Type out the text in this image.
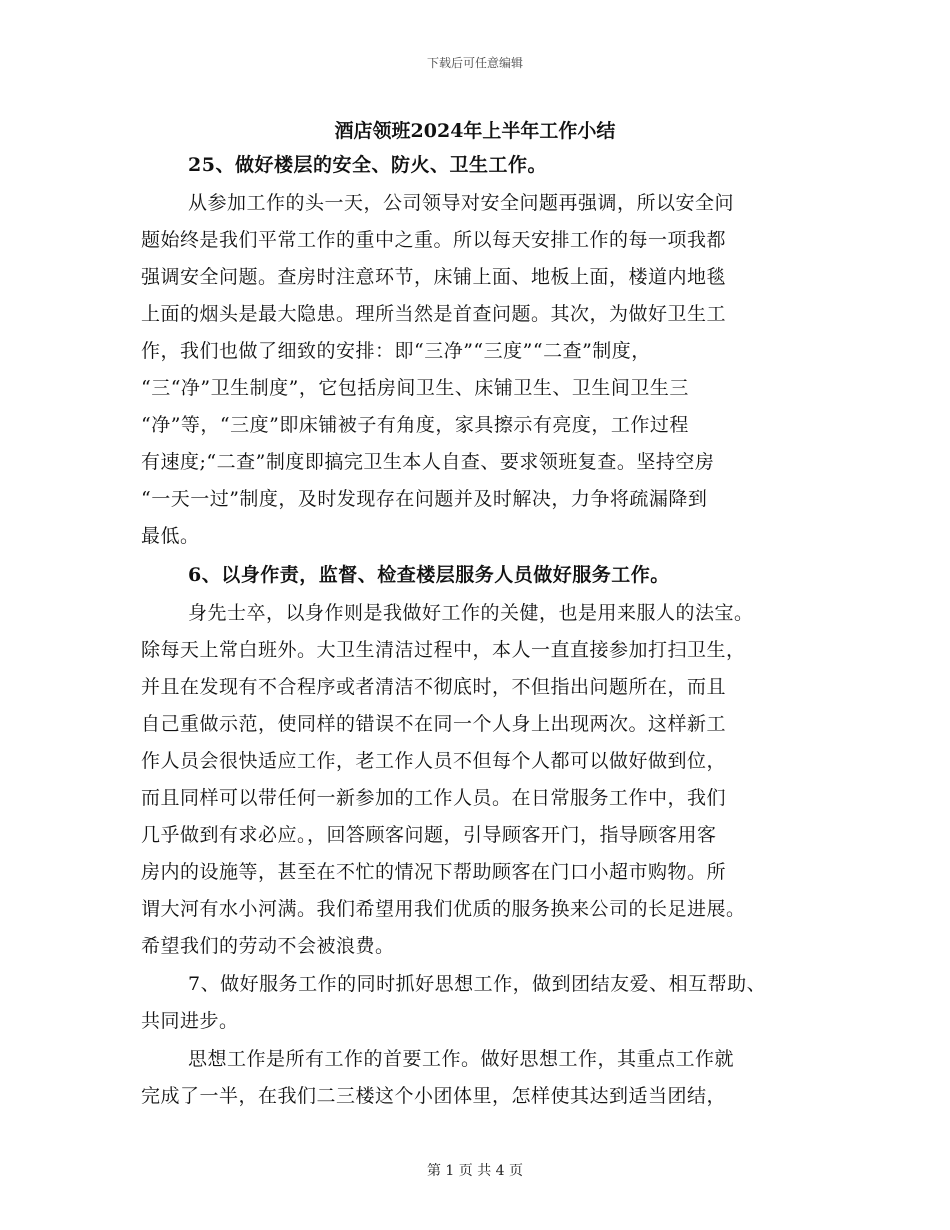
下载后可任意编辑
酒店领班2024年上半年工作小结
25、做好楼层的安全、防火、卫生工作。
从参加工作的头一天，公司领导对安全问题再强调，所以安全问
题始终是我们平常工作的重中之重。所以每天安排工作的每一项我都
强调安全问题。查房时注意环节，床铺上面、地板上面，楼道内地毯
上面的烟头是最大隐患。理所当然是首查问题。其次，为做好卫生工
作，我们也做了细致的安排：即“三净”“三度”“二查”制度，
“三“净”卫生制度”，它包括房间卫生、床铺卫生、卫生间卫生三
“净”等，“三度”即床铺被子有角度，家具擦示有亮度，工作过程
有速度;“二查”制度即搞完卫生本人自查、要求领班复查。坚持空房
“一天一过”制度，及时发现存在问题并及时解决，力争将疏漏降到
最低。
6、以身作责，监督、检查楼层服务人员做好服务工作。
身先士卒，以身作则是我做好工作的关健，也是用来服人的法宝。
除每天上常白班外。大卫生清洁过程中，本人一直直接参加打扫卫生，
并且在发现有不合程序或者清洁不彻底时，不但指出问题所在，而且
自己重做示范，使同样的错误不在同一个人身上出现两次。这样新工
作人员会很快适应工作，老工作人员不但每个人都可以做好做到位，
而且同样可以带任何一新参加的工作人员。在日常服务工作中，我们
几乎做到有求必应。，回答顾客问题，引导顾客开门，指导顾客用客
房内的设施等，甚至在不忙的情况下帮助顾客在门口小超市购物。所
谓大河有水小河满。我们希望用我们优质的服务换来公司的长足进展。
希望我们的劳动不会被浪费。
7、做好服务工作的同时抓好思想工作，做到团结友爱、相互帮助、
共同进步。
思想工作是所有工作的首要工作。做好思想工作，其重点工作就
完成了一半，在我们二三楼这个小团体里，怎样使其达到适当团结，
第 1 页 共 4 页
